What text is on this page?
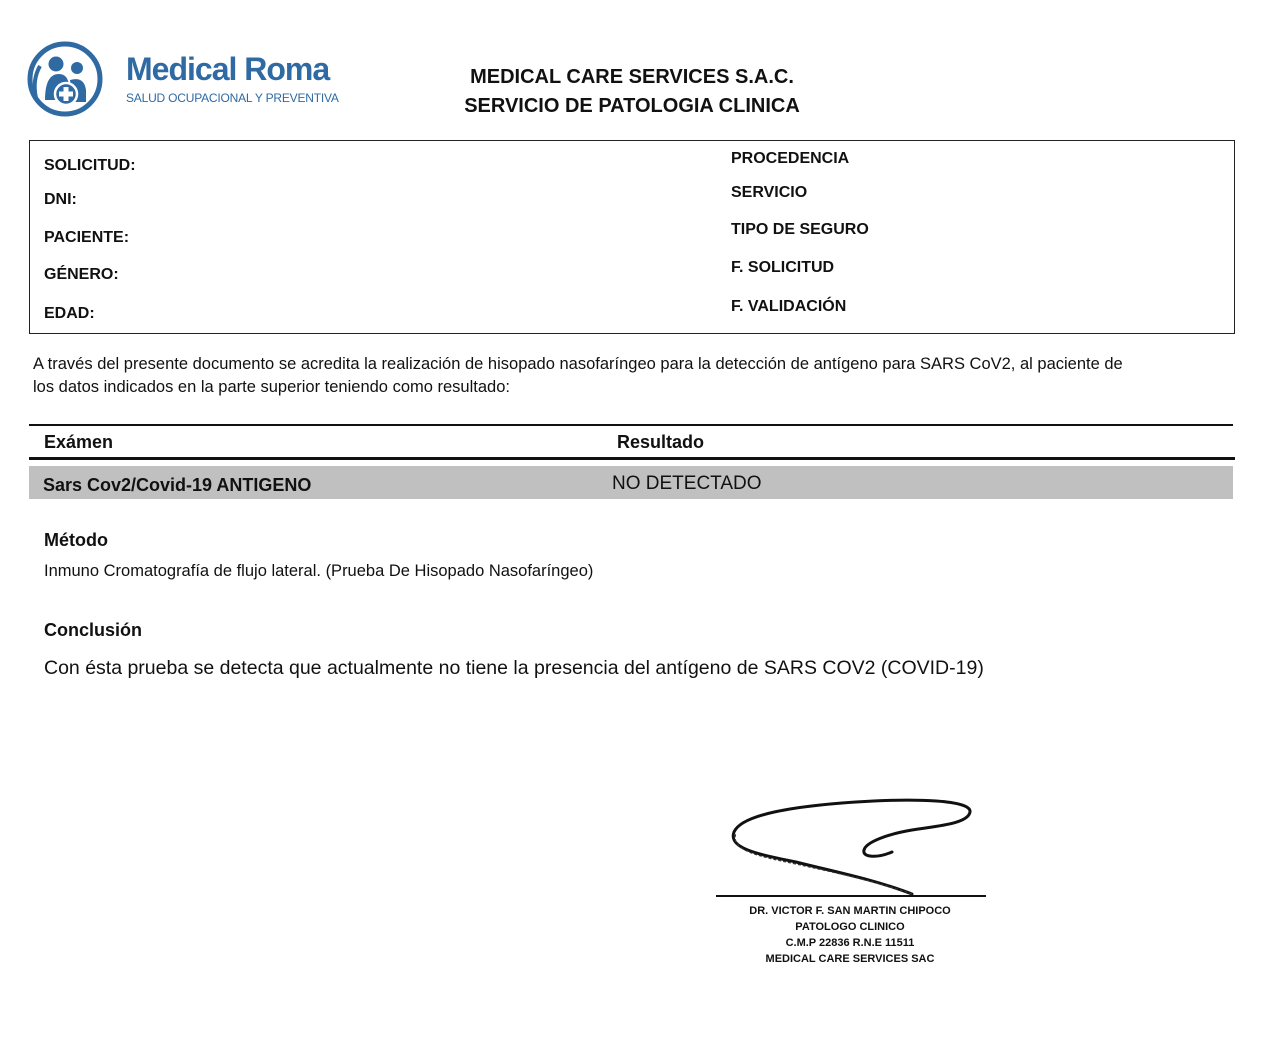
Medical Roma
SALUD OCUPACIONAL Y PREVENTIVA
MEDICAL CARE SERVICES S.A.C.
SERVICIO DE PATOLOGIA CLINICA
SOLICITUD:
DNI:
PACIENTE:
GÉNERO:
EDAD:
PROCEDENCIA
SERVICIO
TIPO DE SEGURO
F. SOLICITUD
F. VALIDACIÓN
A través del presente documento se acredita la realización de hisopado nasofaríngeo para la detección de antígeno para SARS CoV2, al paciente de los datos indicados en la parte superior teniendo como resultado:
Exámen	Resultado
Sars Cov2/Covid-19 ANTIGENO	NO DETECTADO
Método
Inmuno Cromatografía de flujo lateral. (Prueba De Hisopado Nasofaríngeo)
Conclusión
Con ésta prueba se detecta que actualmente no tiene la presencia del antígeno de SARS COV2 (COVID-19)
DR. VICTOR F. SAN MARTIN CHIPOCO
PATOLOGO CLINICO
C.M.P 22836 R.N.E 11511
MEDICAL CARE SERVICES SAC
